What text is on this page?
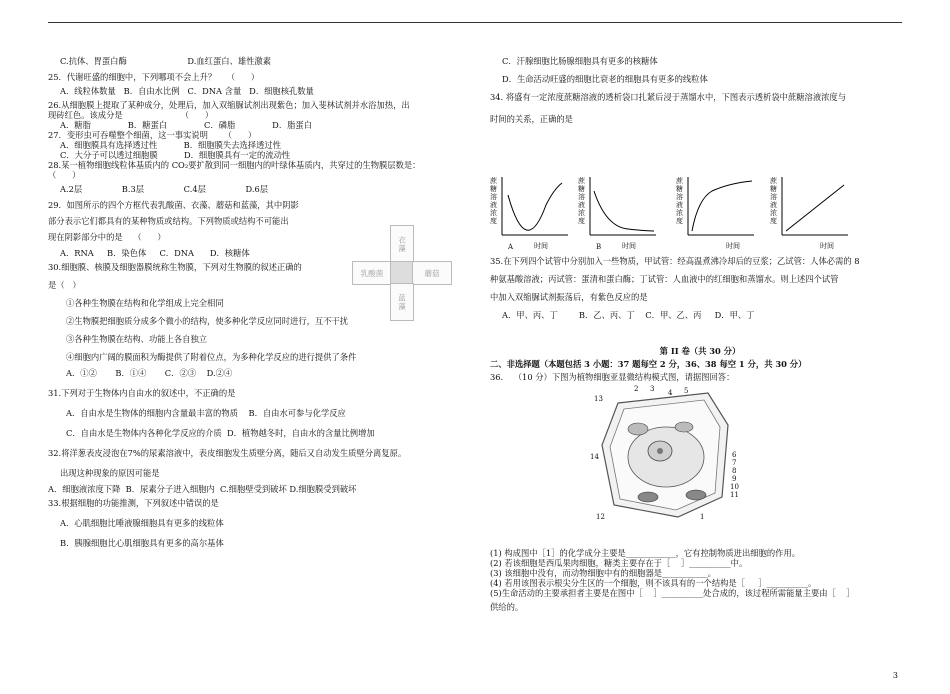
C.抗体、胃蛋白酶                       D.血红蛋白、雄性激素
25．代谢旺盛的细胞中，下列哪项不会上升？    （      ）
A．线粒体数量   B．自由水比例   C．DNA 含量   D．细胞核孔数量
26.从细胞膜上提取了某种成分，处理后，加入双缩脲试剂出现紫色；加入斐林试剂并水浴加热，出
现砖红色。该成分是                      （      ）
A．糖脂              B．糖蛋白              C．磷脂              D．脂蛋白
27．变形虫可吞噬整个细菌，这一事实说明      （      ）
A．细胞膜具有选择透过性          B．细胞膜失去选择透过性
C．大分子可以透过细胞膜          D．细胞膜具有一定的流动性
28.某一植物细胞线粒体基质内的 CO₂要扩散到同一细胞内的叶绿体基质内，共穿过的生物膜层数是：
（      ）
A.2层               B.3层               C.4层               D.6层
29.  如图所示的四个方框代表乳酸菌、衣藻、蘑菇和蓝藻，其中阴影
部分表示它们都具有的某种物质或结构。下列物质或结构不可能出
现在阴影部分中的是    （      ）
A．RNA     B．染色体     C．DNA      D．核糖体
30.细胞膜、核膜及细胞器膜统称生物膜，下列对生物膜的叙述正确的
是（   ）
①各种生物膜在结构和化学组成上完全相同
②生物膜把细胞质分成多个微小的结构，使多种化学反应同时进行，互不干扰
③各种生物膜在结构、功能上各自独立
④细胞内广阔的膜面积为酶提供了附着位点，为多种化学反应的进行提供了条件
A．①②       B．①④       C．②③    D.②④
31.下列对于生物体内自由水的叙述中，不正确的是
A．自由水是生物体的细胞内含量最丰富的物质    B．自由水可参与化学反应
C．自由水是生物体内各种化学反应的介质  D．植物越冬时，自由水的含量比例增加
32.将洋葱表皮浸泡在7%的尿素溶液中，表皮细胞发生质壁分离，随后又自动发生质壁分离复原。
出现这种现象的原因可能是
A．细胞液浓度下降  B．尿素分子进入细胞内  C.细胞壁受到破坏 D.细胞膜受到破坏
33.根据细胞的功能推测，下列叙述中错误的是
A．心肌细胞比唾液腺细胞具有更多的线粒体
B．胰腺细胞比心肌细胞具有更多的高尔基体
衣藻
乳酸菌	蘑菇
蓝藻
C．汗腺细胞比肠腺细胞具有更多的核糖体
D．生命活动旺盛的细胞比衰老的细胞具有更多的线粒体
34. 将盛有一定浓度蔗糖溶液的透析袋口扎紧后浸于蒸馏水中，下图表示透析袋中蔗糖溶液浓度与
时间的关系，正确的是
蔗糖溶液浓度
A	时间
蔗糖溶液浓度
B	时间
蔗糖溶液浓度
时间
蔗糖溶液浓度
时间
35.在下列四个试管中分别加入一些物质，甲试管：经高温煮沸冷却后的豆浆；乙试管：人体必需的 8
种氨基酸溶液；丙试管：蛋清和蛋白酶；丁试管：人血液中的红细胞和蒸馏水。则上述四个试管
中加入双缩脲试剂振荡后，有紫色反应的是
A．甲、丙、丁        B．乙、丙、丁    C．甲、乙、丙     D．甲、丁
第 II 卷（共 30 分）
二、非选择题（本题包括 3 小题：37 题每空 2 分，36、38 每空 1 分，共 30 分）
36.    （10 分）下图为植物细胞亚显微结构模式图，请据图回答：
13
2 3 4 5
6
7
8
9
10
11
12
14
1
(1) 构成图中［1］的化学成分主要是____________，它有控制物质进出细胞的作用。
(2) 若该细胞是西瓜果肉细胞，糖类主要存在于［    ］__________中。
(3) 该细胞中没有，而动物细胞中有的细胞器是___________。
(4) 若用该图表示根尖分生区的一个细胞，则不该具有的一个结构是［     ］__________。
(5)生命活动的主要承担者主要是在图中［    ］__________处合成的，该过程所需能量主要由［    ］
供给的。
3
